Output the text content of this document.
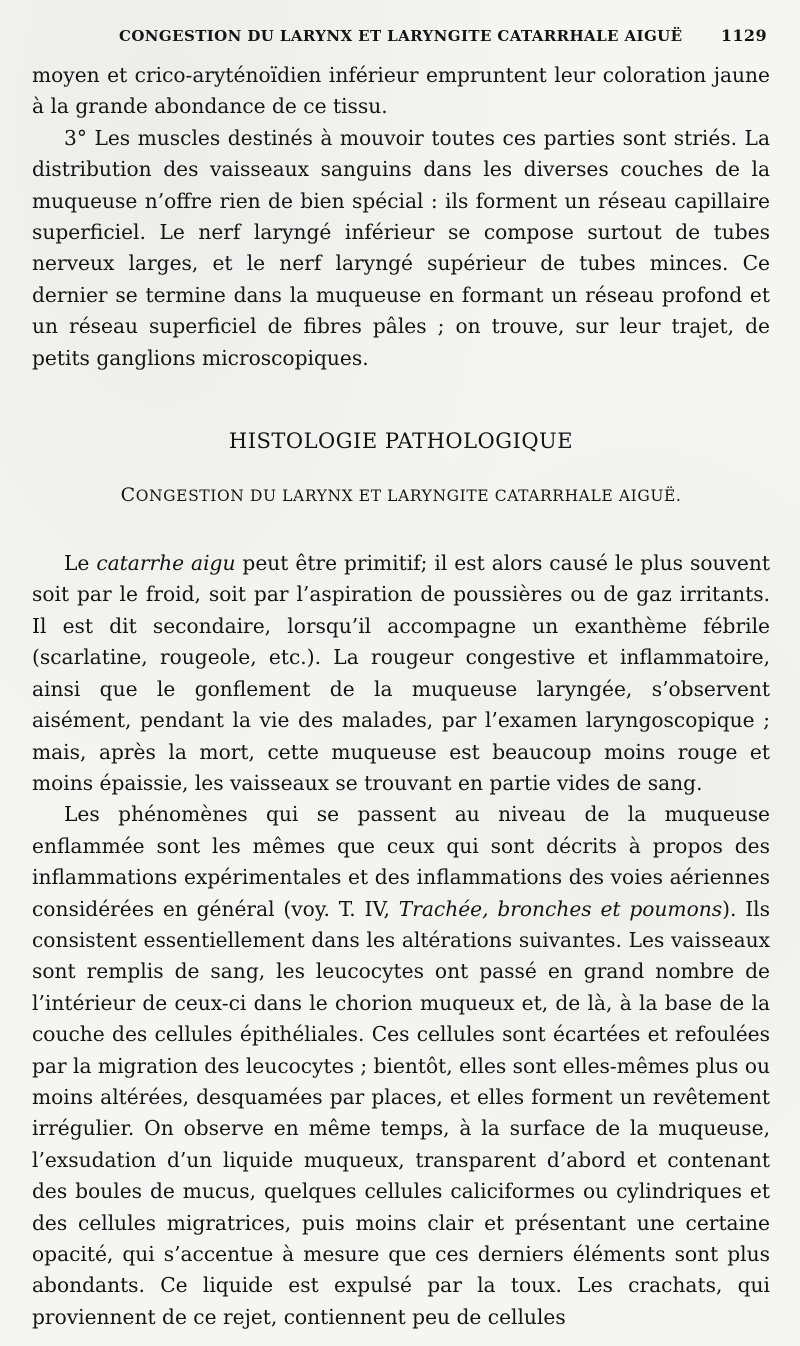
CONGESTION DU LARYNX ET LARYNGITE CATARRHALE AIGUË 1129

moyen et crico-aryténoïdien inférieur empruntent leur coloration jaune à la grande abondance de ce tissu.

3° Les muscles destinés à mouvoir toutes ces parties sont striés. La distribution des vaisseaux sanguins dans les diverses couches de la muqueuse n’offre rien de bien spécial : ils forment un réseau capillaire superficiel. Le nerf laryngé inférieur se compose surtout de tubes nerveux larges, et le nerf laryngé supérieur de tubes minces. Ce dernier se termine dans la muqueuse en formant un réseau profond et un réseau superficiel de fibres pâles ; on trouve, sur leur trajet, de petits ganglions microscopiques.

HISTOLOGIE PATHOLOGIQUE
CONGESTION DU LARYNX ET LARYNGITE CATARRHALE AIGUË.

Le catarrhe aigu peut être primitif; il est alors causé le plus souvent soit par le froid, soit par l’aspiration de poussières ou de gaz irritants. Il est dit secondaire, lorsqu’il accompagne un exanthème fébrile (scarlatine, rougeole, etc.). La rougeur congestive et inflammatoire, ainsi que le gonflement de la muqueuse laryngée, s’observent aisément, pendant la vie des malades, par l’examen laryngoscopique ; mais, après la mort, cette muqueuse est beaucoup moins rouge et moins épaissie, les vaisseaux se trouvant en partie vides de sang.

Les phénomènes qui se passent au niveau de la muqueuse enflammée sont les mêmes que ceux qui sont décrits à propos des inflammations expérimentales et des inflammations des voies aériennes considérées en général (voy. T. IV, Trachée, bronches et poumons). Ils consistent essentiellement dans les altérations suivantes. Les vaisseaux sont remplis de sang, les leucocytes ont passé en grand nombre de l’intérieur de ceux-ci dans le chorion muqueux et, de là, à la base de la couche des cellules épithéliales. Ces cellules sont écartées et refoulées par la migration des leucocytes ; bientôt, elles sont elles-mêmes plus ou moins altérées, desquamées par places, et elles forment un revêtement irrégulier. On observe en même temps, à la surface de la muqueuse, l’exsudation d’un liquide muqueux, transparent d’abord et contenant des boules de mucus, quelques cellules caliciformes ou cylindriques et des cellules migratrices, puis moins clair et présentant une certaine opacité, qui s’accentue à mesure que ces derniers éléments sont plus abondants. Ce liquide est expulsé par la toux. Les crachats, qui proviennent de ce rejet, contiennent peu de cellules
